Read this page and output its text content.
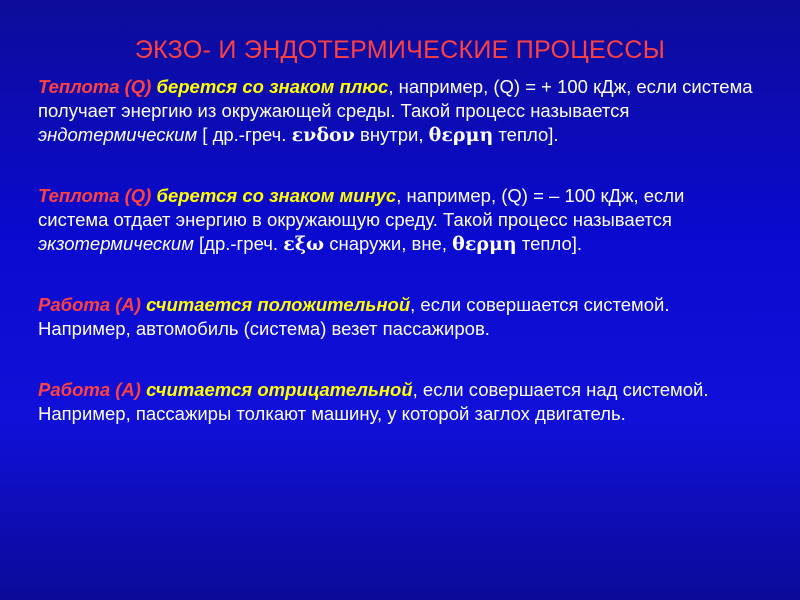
ЭКЗО- И ЭНДОТЕРМИЧЕСКИЕ ПРОЦЕССЫ

Теплота (Q) берется со знаком плюс, например, (Q) = + 100 кДж, если система получает энергию из окружающей среды. Такой процесс называется эндотермическим [ др.-греч. ενδον внутри, θερμη тепло].

Теплота (Q) берется со знаком минус, например, (Q) = – 100 кДж, если система отдает энергию в окружающую среду. Такой процесс называется экзотермическим [др.-греч. εξω снаружи, вне, θερμη тепло].

Работа (А) считается положительной, если совершается системой. Например, автомобиль (система) везет пассажиров.

Работа (А) считается отрицательной, если совершается над системой. Например, пассажиры толкают машину, у которой заглох двигатель.
